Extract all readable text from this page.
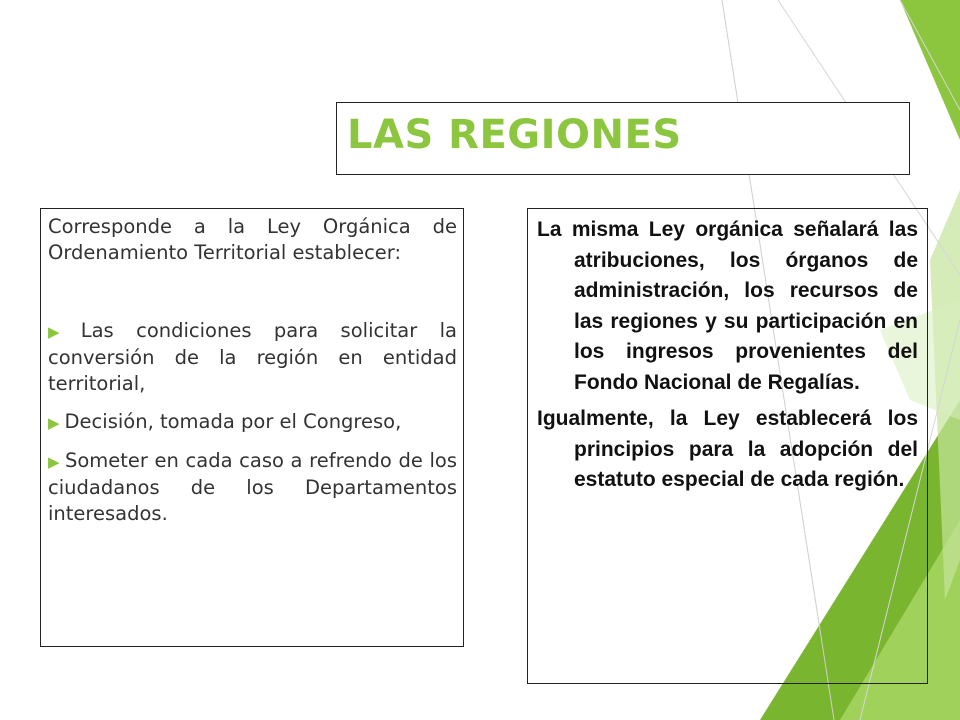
LAS REGIONES

Corresponde a la Ley Orgánica de Ordenamiento Territorial establecer:

▶ Las condiciones para solicitar la conversión de la región en entidad territorial,

▶ Decisión, tomada por el Congreso,

▶ Someter en cada caso a refrendo de los ciudadanos de los Departamentos interesados.

La misma Ley orgánica señalará las atribuciones, los órganos de administración, los recursos de las regiones y su participación en los ingresos provenientes del Fondo Nacional de Regalías.

Igualmente, la Ley establecerá los principios para la adopción del estatuto especial de cada región.
